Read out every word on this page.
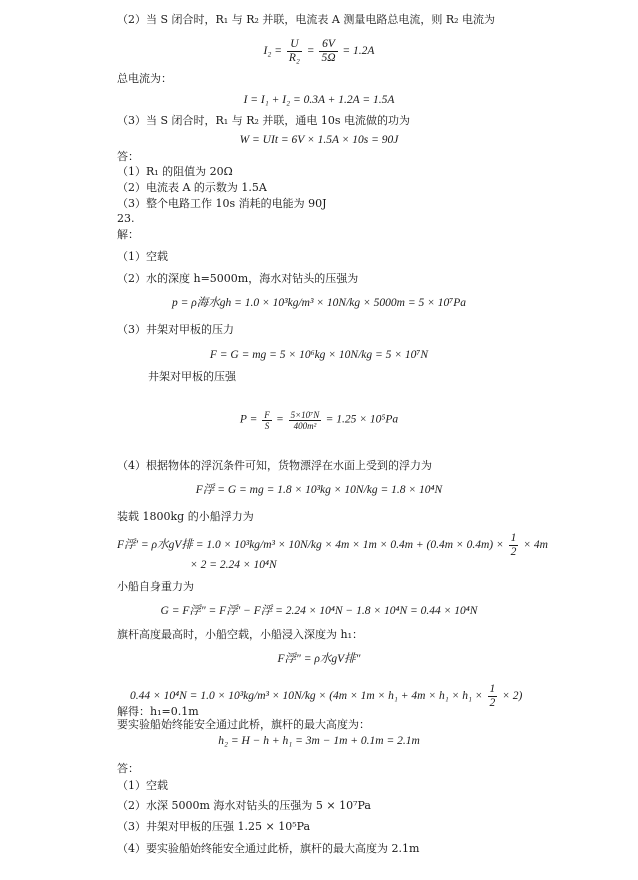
（2）当 S 闭合时，R₁ 与 R₂ 并联，电流表 A 测量电路总电流，则 R₂ 电流为
$I_2 = \frac{U}{\text{R₂}} = \frac{6V}{5\Omega} = 1.2A$
总电流为：
I = I₁ + I₂ = 0.3A + 1.2A = 1.5A
（3）当 S 闭合时，R₁ 与 R₂ 并联，通电 10s 电流做的功为
W = UIt = 6V × 1.5A × 10s = 90J
答：
（1）R₁ 的阻值为 20Ω
（2）电流表 A 的示数为 1.5A
（3）整个电路工作 10s 消耗的电能为 90J
23.
解：
（1）空载
（2）水的深度 h=5000m，海水对钻头的压强为
p = ρ海水gh = 1.0 × 10³kg/m³ × 10N/kg × 5000m = 5 × 10⁷Pa
（3）井架对甲板的压力
F = G = mg = 5 × 10⁶kg × 10N/kg = 5 × 10⁷N
井架对甲板的压强
$P = \frac{F}{S} = \frac{\text{5×10⁷N}}{\text{400m²}} = 1.25 \times 10^5Pa$
（4）根据物体的浮沉条件可知，货物漂浮在水面上受到的浮力为
F浮 = G = mg = 1.8 × 10³kg × 10N/kg = 1.8 × 10⁴N
装载 1800kg 的小船浮力为
F浮′ = ρ水gV排 = $1.0 \times 10^3kg/m^3 \times 10N/kg \times 4m \times 1m \times 0.4m + (0.4m \times 0.4m) \times \frac{1}{2} \times 4m$
× 2 = 2.24 × 10⁴N
小船自身重力为
G = F浮″ = F浮′ − F浮 = 2.24 × 10⁴N − 1.8 × 10⁴N = 0.44 × 10⁴N
旗杆高度最高时，小船空载，小船浸入深度为 h₁：
F浮″ = ρ水gV排″
$0.44 \times 10^4N = 1.0 \times 10^3kg/m^3 \times 10N/kg \times (4m \times 1m \times h_1 + 4m \times h_1 \times h_1 \times \frac{1}{2} \times 2)$
解得：h₁=0.1m
要实验船始终能安全通过此桥，旗杆的最大高度为：
h₂ = H − h + h₁ = 3m − 1m + 0.1m = 2.1m
答：
（1）空载
（2）水深 5000m 海水对钻头的压强为 5 × 10⁷Pa
（3）井架对甲板的压强 1.25 × 10⁵Pa
（4）要实验船始终能安全通过此桥，旗杆的最大高度为 2.1m
